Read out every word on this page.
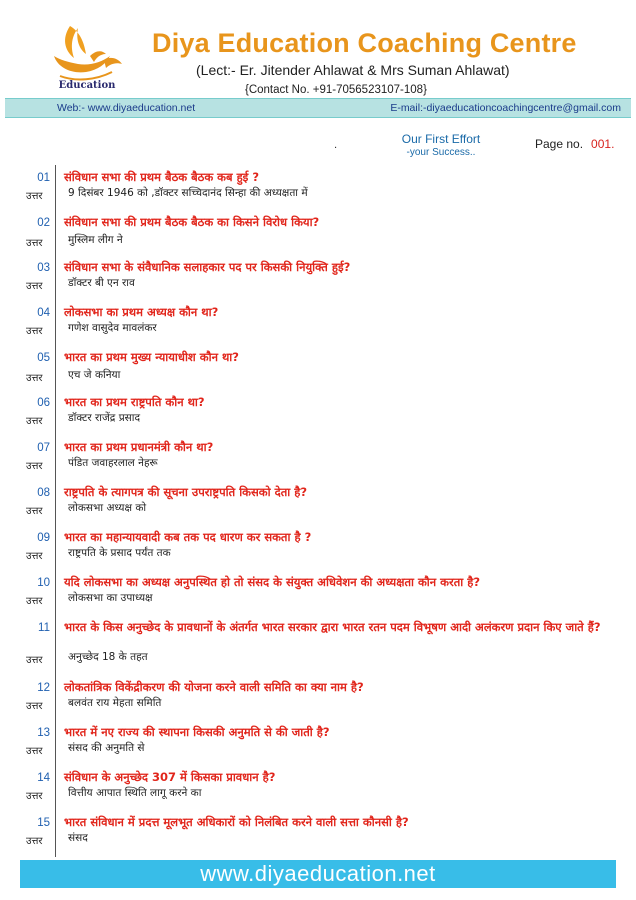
Education
Diya Education Coaching Centre
(Lect:- Er. Jitender Ahlawat & Mrs Suman Ahlawat)
{Contact No. +91-7056523107-108}
Web:- www.diyaeducation.net	E-mail:-diyaeducationcoachingcentre@gmail.com
.	Our First Effort
-your Success..
Page no. 001.
01 संविधान सभा की प्रथम बैठक बैठक कब हुई ?
उत्तर 9 दिसंबर 1946 को ,डॉक्टर सच्चिदानंद सिन्हा की अध्यक्षता में
02 संविधान सभा की प्रथम बैठक बैठक का किसने विरोध किया?
उत्तर मुस्लिम लीग ने
03 संविधान सभा के संवैधानिक सलाहकार पद पर किसकी नियुक्ति हुई?
उत्तर डॉक्टर बी एन राव
04 लोकसभा का प्रथम अध्यक्ष कौन था?
उत्तर गणेश वासुदेव मावलंकर
05 भारत का प्रथम मुख्य न्यायाधीश कौन था?
उत्तर एच जे कनिया
06 भारत का प्रथम राष्ट्रपति कौन था?
उत्तर डॉक्टर राजेंद्र प्रसाद
07 भारत का प्रथम प्रधानमंत्री कौन था?
उत्तर पंडित जवाहरलाल नेहरू
08 राष्ट्रपति के त्यागपत्र की सूचना उपराष्ट्रपति किसको देता है?
उत्तर लोकसभा अध्यक्ष को
09 भारत का महान्यायवादी कब तक पद धारण कर सकता है ?
उत्तर राष्ट्रपति के प्रसाद पर्यंत तक
10 यदि लोकसभा का अध्यक्ष अनुपस्थित हो तो संसद के संयुक्त अधिवेशन की अध्यक्षता कौन करता है?
उत्तर लोकसभा का उपाध्यक्ष
11 भारत के किस अनुच्छेद के प्रावधानों के अंतर्गत भारत सरकार द्वारा भारत रतन पदम विभूषण आदी अलंकरण प्रदान किए जाते हैं?
उत्तर अनुच्छेद 18 के तहत
12 लोकतांत्रिक विकेंद्रीकरण की योजना करने वाली समिति का क्या नाम है?
उत्तर बलवंत राय मेहता समिति
13 भारत में नए राज्य की स्थापना किसकी अनुमति से की जाती है?
उत्तर संसद की अनुमति से
14 संविधान के अनुच्छेद 307 में किसका प्रावधान है?
उत्तर वित्तीय आपात स्थिति लागू करने का
15 भारत संविधान में प्रदत्त मूलभूत अधिकारों को निलंबित करने वाली सत्ता कौनसी है?
उत्तर संसद
www.diyaeducation.net
